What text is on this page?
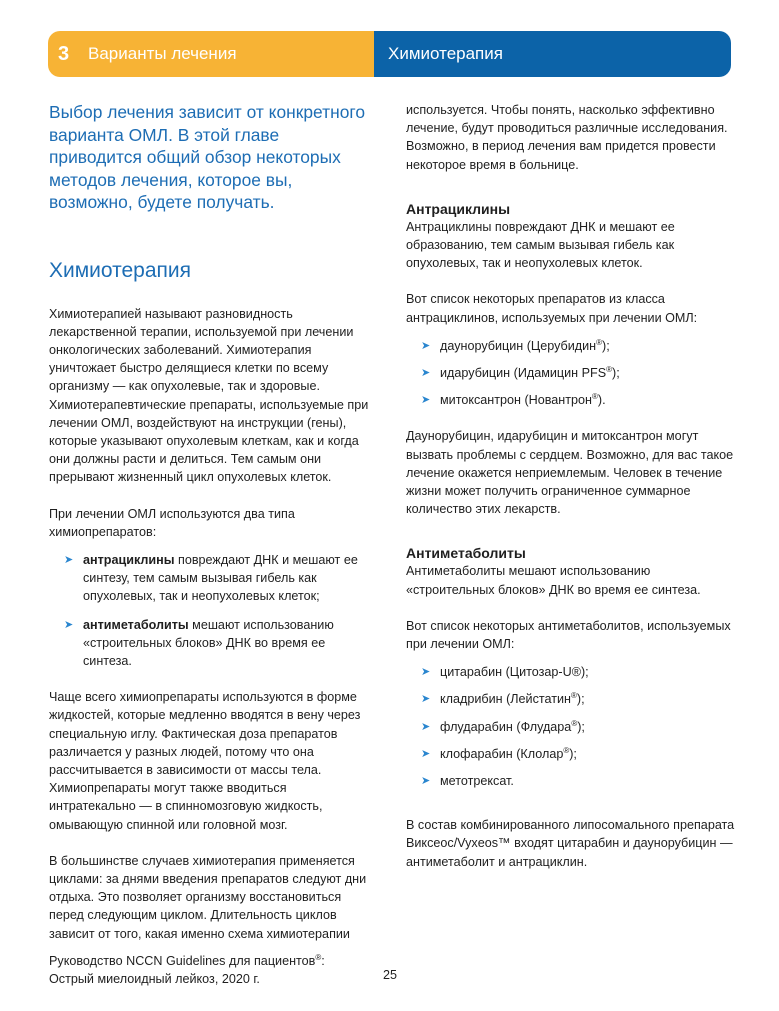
3 Варианты лечения	Химиотерапия

Выбор лечения зависит от конкретного варианта ОМЛ. В этой главе приводится общий обзор некоторых методов лечения, которое вы, возможно, будете получать.

Химиотерапия

Химиотерапией называют разновидность лекарственной терапии, используемой при лечении онкологических заболеваний. Химиотерапия уничтожает быстро делящиеся клетки по всему организму — как опухолевые, так и здоровые. Химиотерапевтические препараты, используемые при лечении ОМЛ, воздействуют на инструкции (гены), которые указывают опухолевым клеткам, как и когда они должны расти и делиться. Тем самым они прерывают жизненный цикл опухолевых клеток.

При лечении ОМЛ используются два типа химиопрепаратов:

➤ антрациклины повреждают ДНК и мешают ее синтезу, тем самым вызывая гибель как опухолевых, так и неопухолевых клеток;
➤ антиметаболиты мешают использованию «строительных блоков» ДНК во время ее синтеза.

Чаще всего химиопрепараты используются в форме жидкостей, которые медленно вводятся в вену через специальную иглу. Фактическая доза препаратов различается у разных людей, потому что она рассчитывается в зависимости от массы тела. Химиопрепараты могут также вводиться интратекально — в спинномозговую жидкость, омывающую спинной или головной мозг.

В большинстве случаев химиотерапия применяется циклами: за днями введения препаратов следуют дни отдыха. Это позволяет организму восстановиться перед следующим циклом. Длительность циклов зависит от того, какая именно схема химиотерапии

используется. Чтобы понять, насколько эффективно лечение, будут проводиться различные исследования. Возможно, в период лечения вам придется провести некоторое время в больнице.

Антрациклины

Антрациклины повреждают ДНК и мешают ее образованию, тем самым вызывая гибель как опухолевых, так и неопухолевых клеток.

Вот список некоторых препаратов из класса антрациклинов, используемых при лечении ОМЛ:

➤ даунорубицин (Церубидин®);
➤ идарубицин (Идамицин PFS®);
➤ митоксантрон (Новантрон®).

Даунорубицин, идарубицин и митоксантрон могут вызвать проблемы с сердцем. Возможно, для вас такое лечение окажется неприемлемым. Человек в течение жизни может получить ограниченное суммарное количество этих лекарств.

Антиметаболиты

Антиметаболиты мешают использованию «строительных блоков» ДНК во время ее синтеза.

Вот список некоторых антиметаболитов, используемых при лечении ОМЛ:

➤ цитарабин (Цитозар-U®);
➤ кладрибин (Лейстатин®);
➤ флударабин (Флудара®);
➤ клофарабин (Клолар®);
➤ метотрексат.

В состав комбинированного липосомального препарата Виксеос/Vyxeos™ входят цитарабин и даунорубицин — антиметаболит и антрациклин.

Руководство NCCN Guidelines для пациентов®:
Острый миелоидный лейкоз, 2020 г.	25
